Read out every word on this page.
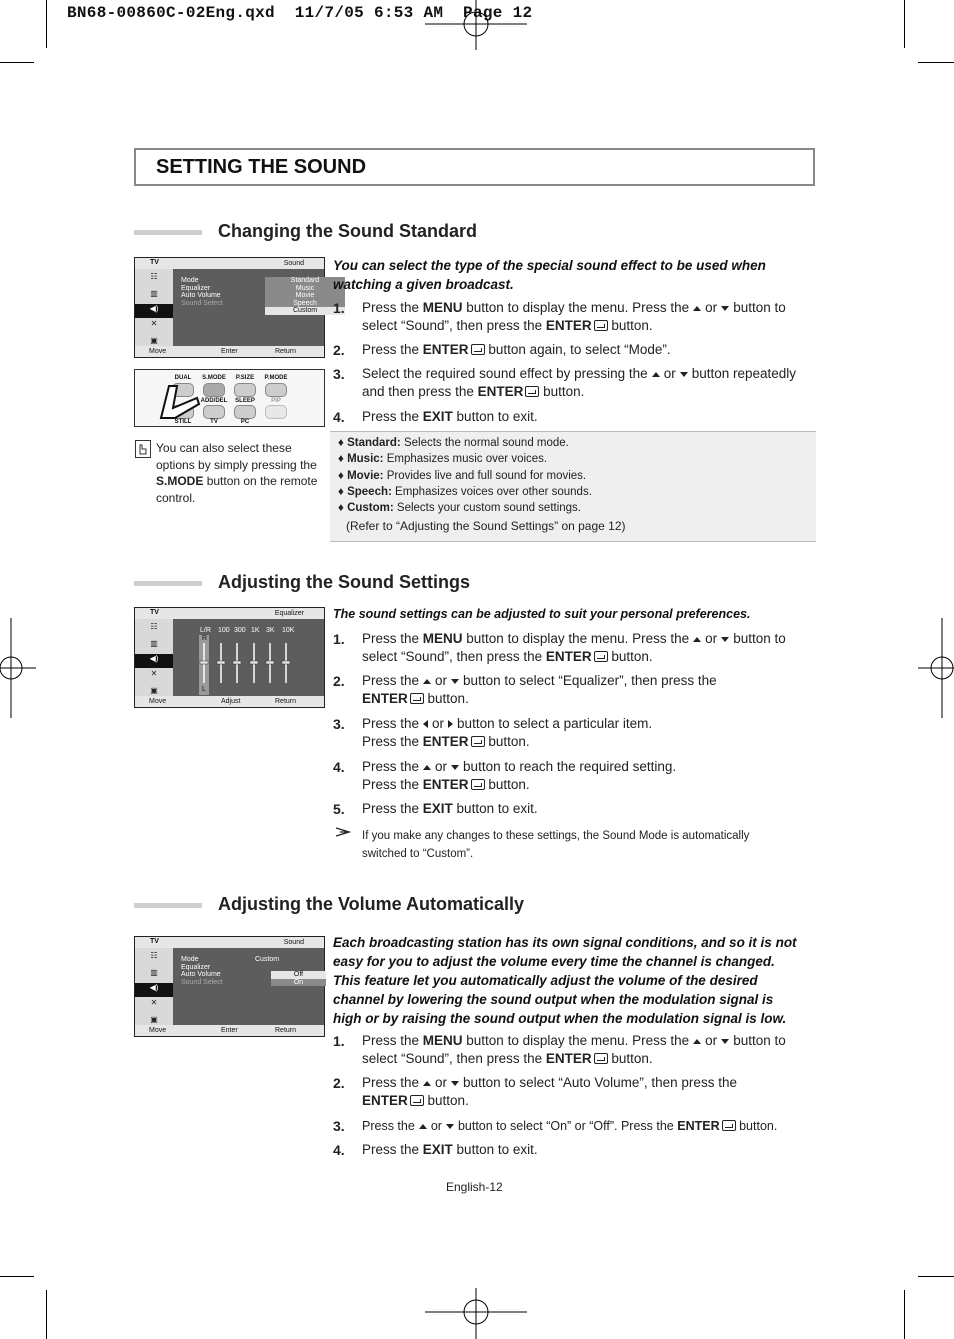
BN68-00860C-02Eng.qxd  11/7/05 6:53 AM  Page 12
SETTING THE SOUND
Changing the Sound Standard
TV	Sound
☷
▥
◀)
✕
▣
Mode
Equalizer
Auto Volume
Sound Select
Standard
Music
Movie
Speech
Custom
Move	Enter	Return
DUAL	S.MODE	P.SIZE	P.MODE
ADD/DEL	SLEEP	PIP
STILL	TV	PC
You can also select these
options by simply pressing the
S.MODE button on the remote
control.
You can select the type of the special sound effect to be used when watching a given broadcast.
1. Press the MENU button to display the menu. Press the or button to
select “Sound”, then press the ENTER button.
2. Press the ENTER button again, to select “Mode”.
3. Select the required sound effect by pressing the or button repeatedly
and then press the ENTER button.
4. Press the EXIT button to exit.
♦ Standard: Selects the normal sound mode.
♦ Music: Emphasizes music over voices.
♦ Movie: Provides live and full sound for movies.
♦ Speech: Emphasizes voices over other sounds.
♦ Custom: Selects your custom sound settings.
(Refer to “Adjusting the Sound Settings” on page 12)
Adjusting the Sound Settings
TV	Equalizer
☷
▥
◀)
✕
▣
L/R 100 300 1K 3K 10K
R
L
Move	Adjust	Return
The sound settings can be adjusted to suit your personal preferences.
1. Press the MENU button to display the menu. Press the or button to
select “Sound”, then press the ENTER button.
2. Press the or button to select “Equalizer”, then press the
ENTER button.
3. Press the or button to select a particular item.
Press the ENTER button.
4. Press the or button to reach the required setting.
Press the ENTER button.
5. Press the EXIT button to exit.
If you make any changes to these settings, the Sound Mode is automatically
switched to “Custom”.
Adjusting the Volume Automatically
TV	Sound
☷
▥
◀)
✕
▣
Mode
Equalizer
Auto Volume
Sound Select
Custom
Off
On
Move	Enter	Return
Each broadcasting station has its own signal conditions, and so it is not
easy for you to adjust the volume every time the channel is changed.
This feature let you automatically adjust the volume of the desired
channel by lowering the sound output when the modulation signal is
high or by raising the sound output when the modulation signal is low.
1. Press the MENU button to display the menu. Press the or button to
select “Sound”, then press the ENTER button.
2. Press the or button to select “Auto Volume”, then press the
ENTER button.
3. Press the or button to select “On” or “Off”. Press the ENTER button.
4. Press the EXIT button to exit.
English-12
